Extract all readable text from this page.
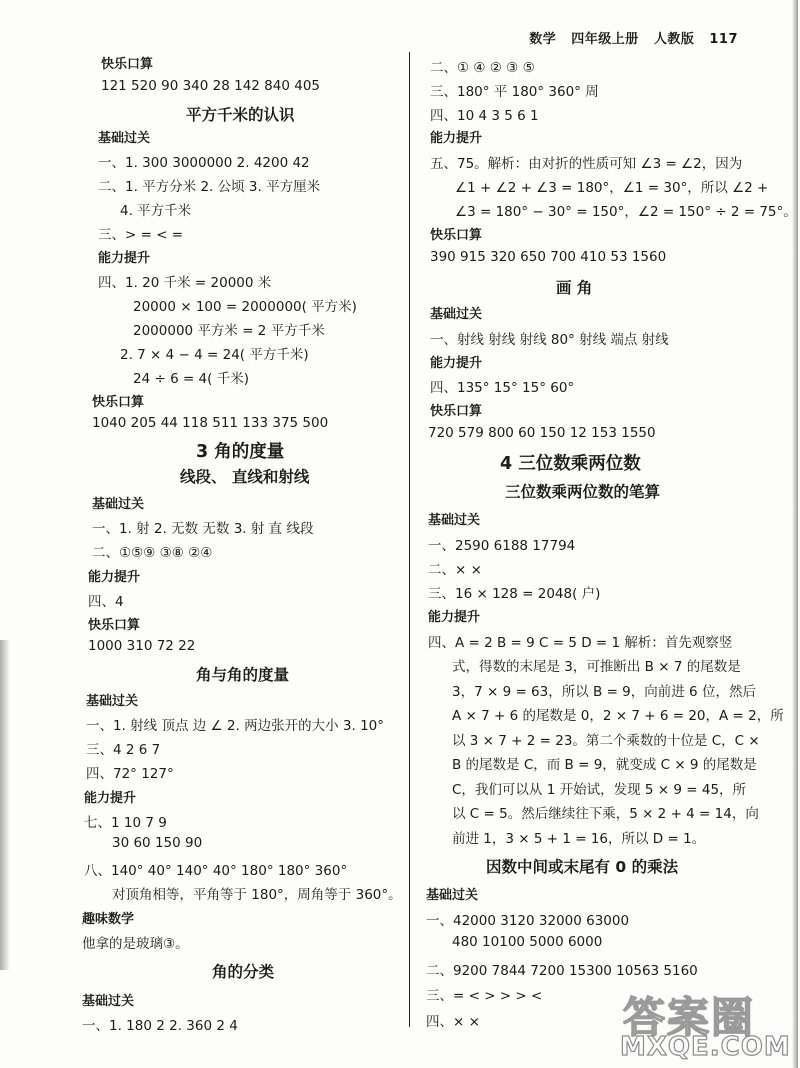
数学 四年级上册 人教版 117
快乐口算
121 520 90 340 28 142 840 405
平方千米的认识
基础过关
一、1. 300 3000000 2. 4200 42
二、1. 平方分米 2. 公顷 3. 平方厘米
4. 平方千米
三、> = < =
能力提升
四、1. 20 千米 = 20000 米
20000 × 100 = 2000000( 平方米)
2000000 平方米 = 2 平方千米
2. 7 × 4 − 4 = 24( 平方千米)
24 ÷ 6 = 4( 千米)
快乐口算
1040 205 44 118 511 133 375 500
3 角的度量
线段、 直线和射线
基础过关
一、1. 射 2. 无数 无数 3. 射 直 线段
二、①⑤⑨ ③⑧ ②④
能力提升
四、4
快乐口算
1000 310 72 22
角与角的度量
基础过关
一、1. 射线 顶点 边 ∠ 2. 两边张开的大小 3. 10°
三、4 2 6 7
四、72° 127°
能力提升
七、1 10 7 9
30 60 150 90
八、140° 40° 140° 40° 180° 180° 360°
对顶角相等，平角等于 180°，周角等于 360°。
趣味数学
他拿的是玻璃③。
角的分类
基础过关
一、1. 180 2 2. 360 2 4
二、① ④ ② ③ ⑤
三、180° 平 180° 360° 周
四、10 4 3 5 6 1
能力提升
五、75。解析：由对折的性质可知 ∠3 = ∠2，因为
∠1 + ∠2 + ∠3 = 180°，∠1 = 30°，所以 ∠2 +
∠3 = 180° − 30° = 150°，∠2 = 150° ÷ 2 = 75°。
快乐口算
390 915 320 650 700 410 53 1560
画 角
基础过关
一、射线 射线 射线 80° 射线 端点 射线
能力提升
四、135° 15° 15° 60°
快乐口算
720 579 800 60 150 12 153 1550
4 三位数乘两位数
三位数乘两位数的笔算
基础过关
一、2590 6188 17794
二、× ×
三、16 × 128 = 2048( 户)
能力提升
四、A = 2 B = 9 C = 5 D = 1 解析：首先观察竖
式，得数的末尾是 3，可推断出 B × 7 的尾数是
3，7 × 9 = 63，所以 B = 9，向前进 6 位，然后
A × 7 + 6 的尾数是 0，2 × 7 + 6 = 20，A = 2，所
以 3 × 7 + 2 = 23。第二个乘数的十位是 C，C ×
B 的尾数是 C，而 B = 9，就变成 C × 9 的尾数是
C，我们可以从 1 开始试，发现 5 × 9 = 45，所
以 C = 5。然后继续往下乘，5 × 2 + 4 = 14，向
前进 1，3 × 5 + 1 = 16，所以 D = 1。
因数中间或末尾有 0 的乘法
基础过关
一、42000 3120 32000 63000
480 10100 5000 6000
二、9200 7844 7200 15300 10563 5160
三、= < > > > <
四、× ×	答案圈
MXQE.COM
